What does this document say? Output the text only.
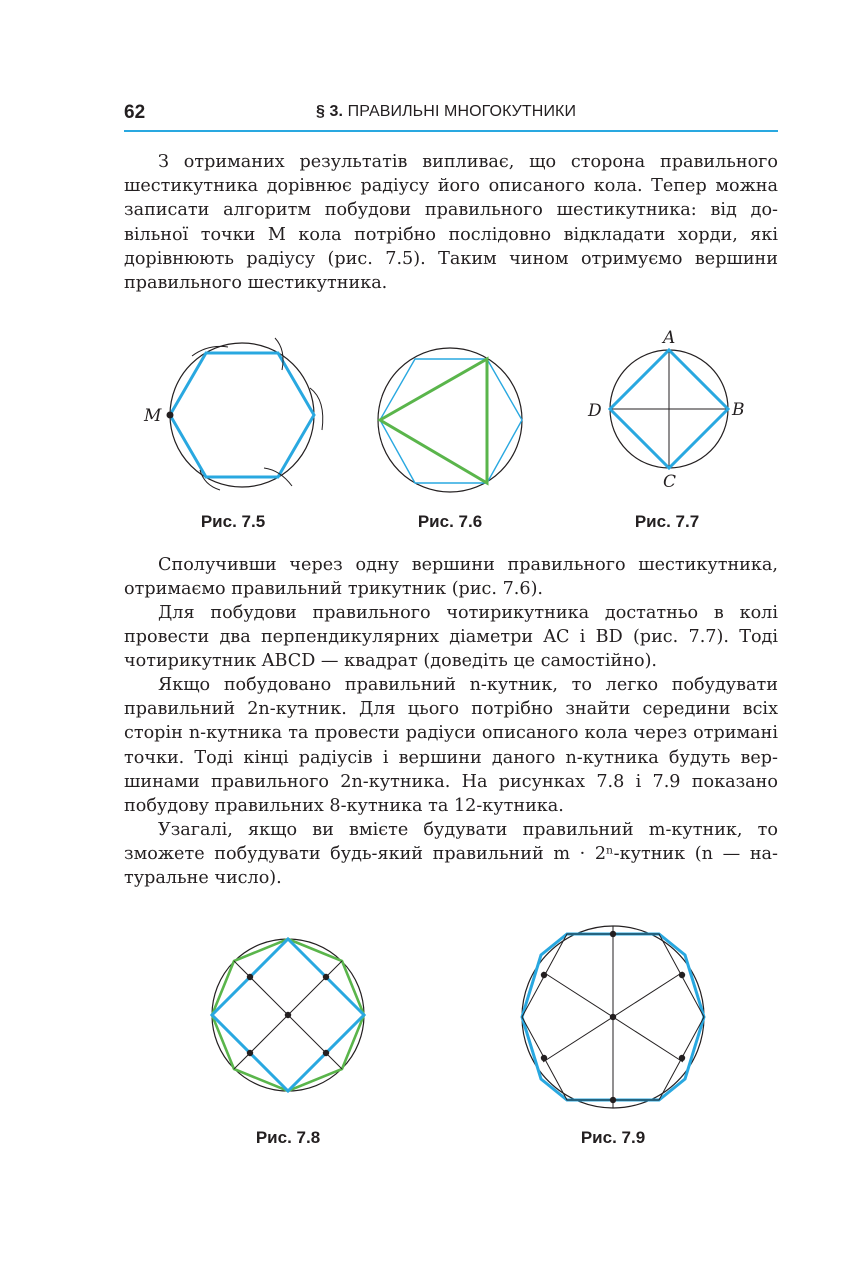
62	§ 3. ПРАВИЛЬНІ МНОГОКУТНИКИ
З отриманих результатів випливає, що сторона правильного
шестикутника дорівнює радіусу його описаного кола. Тепер можна
записати алгоритм побудови правильного шестикутника: від до-
вільної точки M кола потрібно послідовно відкладати хорди, які
дорівнюють радіусу (рис. 7.5). Таким чином отримуємо вершини
правильного шестикутника.
M
Рис. 7.5	Рис. 7.6
A
B
C
D
Рис. 7.7
Сполучивши через одну вершини правильного шестикутника,
отримаємо правильний трикутник (рис. 7.6).
Для побудови правильного чотирикутника достатньо в колі
провести два перпендикулярних діаметри AC і BD (рис. 7.7). Тоді
чотирикутник ABCD — квадрат (доведіть це самостійно).
Якщо побудовано правильний n-кутник, то легко побудувати
правильний 2n-кутник. Для цього потрібно знайти середини всіх
сторін n-кутника та провести радіуси описаного кола через отримані
точки. Тоді кінці радіусів і вершини даного n-кутника будуть вер-
шинами правильного 2n-кутника. На рисунках 7.8 і 7.9 показано
побудову правильних 8-кутника та 12-кутника.
Узагалі, якщо ви вмієте будувати правильний m-кутник, то
зможете побудувати будь-який правильний m · 2ⁿ-кутник (n — на-
туральне число).
Рис. 7.8	Рис. 7.9
